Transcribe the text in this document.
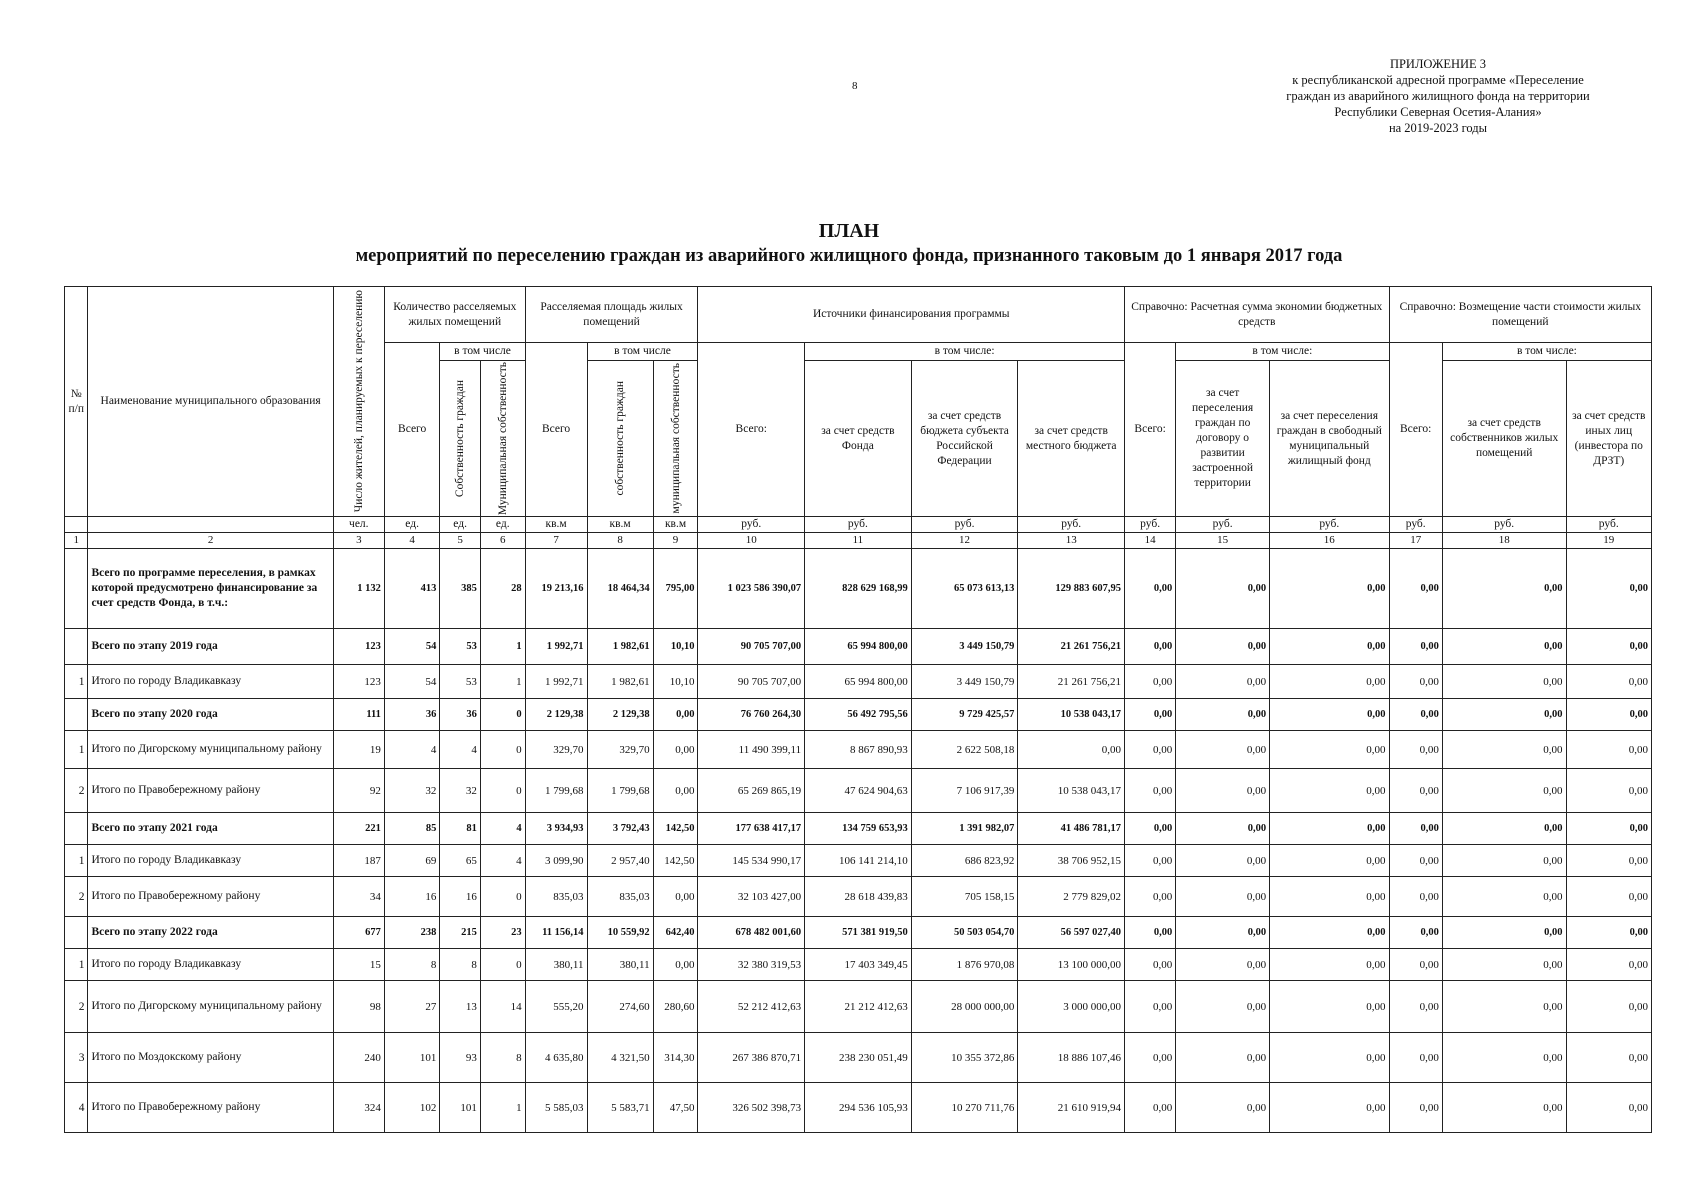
8
ПРИЛОЖЕНИЕ 3
к республиканской адресной программе «Переселение
граждан из аварийного жилищного фонда на территории
Республики Северная Осетия-Алания»
на 2019-2023 годы
ПЛАН
мероприятий по переселению граждан из аварийного жилищного фонда, признанного таковым до 1 января 2017 года
№ п/п	Наименование муниципального образования	Число жителей, планируемых к переселению	Количество расселяемых жилых помещений			Расселяемая площадь жилых помещений			Источники финансирования программы				Справочно: Расчетная сумма экономии бюджетных средств			Справочно: Возмещение части стоимости жилых помещений		
			Всего	в том числе		Всего	в том числе		Всего:	в том числе:			Всего:	в том числе:		Всего:	в том числе:	

				Собственность граждан	Муниципальная собственность		собственность граждан	муниципальная собственность		за счет средств Фонда	за счет средств бюджета субъекта Российской Федерации	за счет средств местного бюджета		за счет переселения граждан по договору о развитии застроенной территории	за счет переселения граждан в свободный муниципальный жилищный фонд		за счет средств собственников жилых помещений	за счет средств иных лиц (инвестора по ДРЗТ)
		чел.	ед.	ед.	ед.	кв.м	кв.м	кв.м	руб.	руб.	руб.	руб.	руб.	руб.	руб.	руб.	руб.	руб.
1	2	3	4	5	6	7	8	9	10	11	12	13	14	15	16	17	18	19
	Всего по программе переселения, в рамках которой предусмотрено финансирование за счет средств Фонда, в т.ч.:	1 132	413	385	28	19 213,16	18 464,34	795,00	1 023 586 390,07	828 629 168,99	65 073 613,13	129 883 607,95	0,00	0,00	0,00	0,00	0,00	0,00
	Всего по этапу 2019 года	123	54	53	1	1 992,71	1 982,61	10,10	90 705 707,00	65 994 800,00	3 449 150,79	21 261 756,21	0,00	0,00	0,00	0,00	0,00	0,00
1	Итого по городу Владикавказу	123	54	53	1	1 992,71	1 982,61	10,10	90 705 707,00	65 994 800,00	3 449 150,79	21 261 756,21	0,00	0,00	0,00	0,00	0,00	0,00
	Всего по этапу 2020 года	111	36	36	0	2 129,38	2 129,38	0,00	76 760 264,30	56 492 795,56	9 729 425,57	10 538 043,17	0,00	0,00	0,00	0,00	0,00	0,00
1	Итого по Дигорскому муниципальному району	19	4	4	0	329,70	329,70	0,00	11 490 399,11	8 867 890,93	2 622 508,18	0,00	0,00	0,00	0,00	0,00	0,00	0,00
2	Итого по Правобережному району	92	32	32	0	1 799,68	1 799,68	0,00	65 269 865,19	47 624 904,63	7 106 917,39	10 538 043,17	0,00	0,00	0,00	0,00	0,00	0,00
	Всего по этапу 2021 года	221	85	81	4	3 934,93	3 792,43	142,50	177 638 417,17	134 759 653,93	1 391 982,07	41 486 781,17	0,00	0,00	0,00	0,00	0,00	0,00
1	Итого по городу Владикавказу	187	69	65	4	3 099,90	2 957,40	142,50	145 534 990,17	106 141 214,10	686 823,92	38 706 952,15	0,00	0,00	0,00	0,00	0,00	0,00
2	Итого по Правобережному району	34	16	16	0	835,03	835,03	0,00	32 103 427,00	28 618 439,83	705 158,15	2 779 829,02	0,00	0,00	0,00	0,00	0,00	0,00
	Всего по этапу 2022 года	677	238	215	23	11 156,14	10 559,92	642,40	678 482 001,60	571 381 919,50	50 503 054,70	56 597 027,40	0,00	0,00	0,00	0,00	0,00	0,00
1	Итого по городу Владикавказу	15	8	8	0	380,11	380,11	0,00	32 380 319,53	17 403 349,45	1 876 970,08	13 100 000,00	0,00	0,00	0,00	0,00	0,00	0,00
2	Итого по Дигорскому муниципальному району	98	27	13	14	555,20	274,60	280,60	52 212 412,63	21 212 412,63	28 000 000,00	3 000 000,00	0,00	0,00	0,00	0,00	0,00	0,00
3	Итого по Моздокскому району	240	101	93	8	4 635,80	4 321,50	314,30	267 386 870,71	238 230 051,49	10 355 372,86	18 886 107,46	0,00	0,00	0,00	0,00	0,00	0,00
4	Итого по Правобережному району	324	102	101	1	5 585,03	5 583,71	47,50	326 502 398,73	294 536 105,93	10 270 711,76	21 610 919,94	0,00	0,00	0,00	0,00	0,00	0,00
